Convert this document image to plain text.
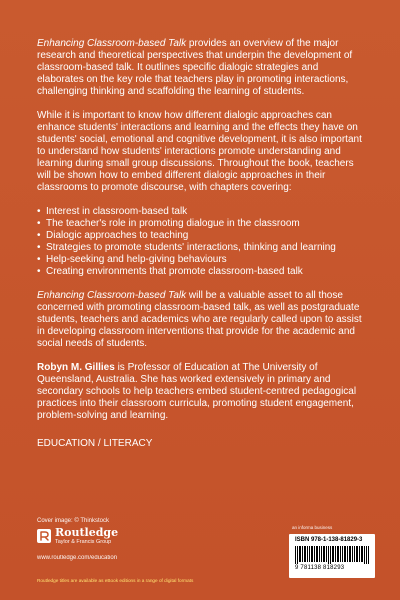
Enhancing Classroom-based Talk provides an overview of the major research and theoretical perspectives that underpin the development of classroom-based talk. It outlines specific dialogic strategies and elaborates on the key role that teachers play in promoting interactions, challenging thinking and scaffolding the learning of students.

While it is important to know how different dialogic approaches can enhance students' interactions and learning and the effects they have on students' social, emotional and cognitive development, it is also important to understand how students' interactions promote understanding and learning during small group discussions. Throughout the book, teachers will be shown how to embed different dialogic approaches in their classrooms to promote discourse, with chapters covering:

• Interest in classroom-based talk
• The teacher's role in promoting dialogue in the classroom
• Dialogic approaches to teaching
• Strategies to promote students' interactions, thinking and learning
• Help-seeking and help-giving behaviours
• Creating environments that promote classroom-based talk

Enhancing Classroom-based Talk will be a valuable asset to all those concerned with promoting classroom-based talk, as well as postgraduate students, teachers and academics who are regularly called upon to assist in developing classroom interventions that provide for the academic and social needs of students.

Robyn M. Gillies is Professor of Education at The University of Queensland, Australia. She has worked extensively in primary and secondary schools to help teachers embed student-centred pedagogical practices into their classroom curricula, promoting student engagement, problem-solving and learning.

EDUCATION / LITERACY
Cover image: © Thinkstock
Routledge
Taylor & Francis Group
www.routledge.com/education
an informa business
ISBN 978-1-138-81829-3
9 781138 818293
Routledge titles are available as eBook editions in a range of digital formats
